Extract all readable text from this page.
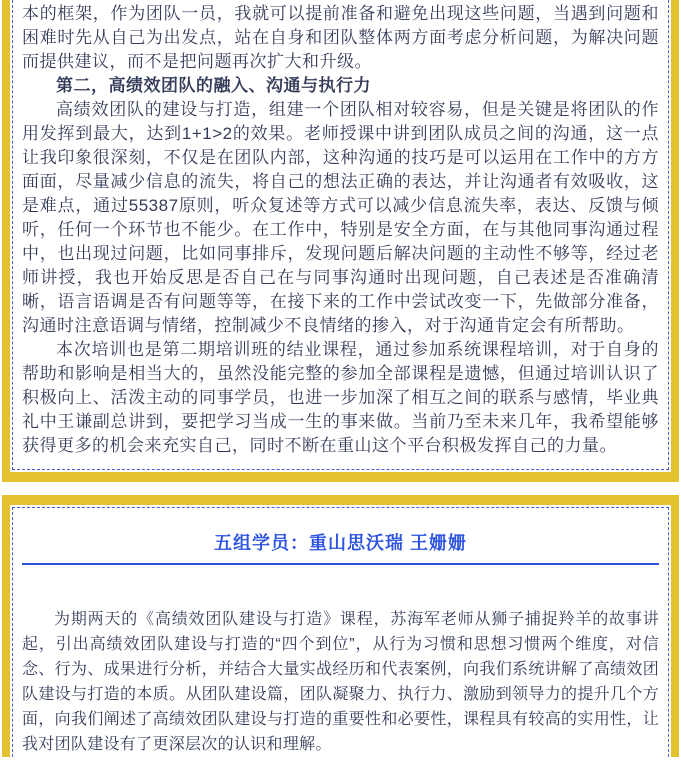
本的框架，作为团队一员，我就可以提前准备和避免出现这些问题，当遇到问题和困难时先从自己为出发点，站在自身和团队整体两方面考虑分析问题，为解决问题而提供建议，而不是把问题再次扩大和升级。

第二，高绩效团队的融入、沟通与执行力

高绩效团队的建设与打造，组建一个团队相对较容易，但是关键是将团队的作用发挥到最大，达到1+1>2的效果。老师授课中讲到团队成员之间的沟通，这一点让我印象很深刻，不仅是在团队内部，这种沟通的技巧是可以运用在工作中的方方面面，尽量减少信息的流失，将自己的想法正确的表达，并让沟通者有效吸收，这是难点，通过55387原则，听众复述等方式可以减少信息流失率，表达、反馈与倾听，任何一个环节也不能少。在工作中，特别是安全方面，在与其他同事沟通过程中，也出现过问题，比如同事排斥，发现问题后解决问题的主动性不够等，经过老师讲授，我也开始反思是否自己在与同事沟通时出现问题，自己表述是否准确清晰，语言语调是否有问题等等，在接下来的工作中尝试改变一下，先做部分准备，沟通时注意语调与情绪，控制减少不良情绪的掺入，对于沟通肯定会有所帮助。

本次培训也是第二期培训班的结业课程，通过参加系统课程培训，对于自身的帮助和影响是相当大的，虽然没能完整的参加全部课程是遗憾，但通过培训认识了积极向上、活泼主动的同事学员，也进一步加深了相互之间的联系与感情，毕业典礼中王谦副总讲到，要把学习当成一生的事来做。当前乃至未来几年，我希望能够获得更多的机会来充实自己，同时不断在重山这个平台积极发挥自己的力量。

五组学员：重山思沃瑞 王姗姗

为期两天的《高绩效团队建设与打造》课程，苏海军老师从狮子捕捉羚羊的故事讲起，引出高绩效团队建设与打造的“四个到位”，从行为习惯和思想习惯两个维度，对信念、行为、成果进行分析，并结合大量实战经历和代表案例，向我们系统讲解了高绩效团队建设与打造的本质。从团队建设篇，团队凝聚力、执行力、激励到领导力的提升几个方面，向我们阐述了高绩效团队建设与打造的重要性和必要性，课程具有较高的实用性，让我对团队建设有了更深层次的认识和理解。
